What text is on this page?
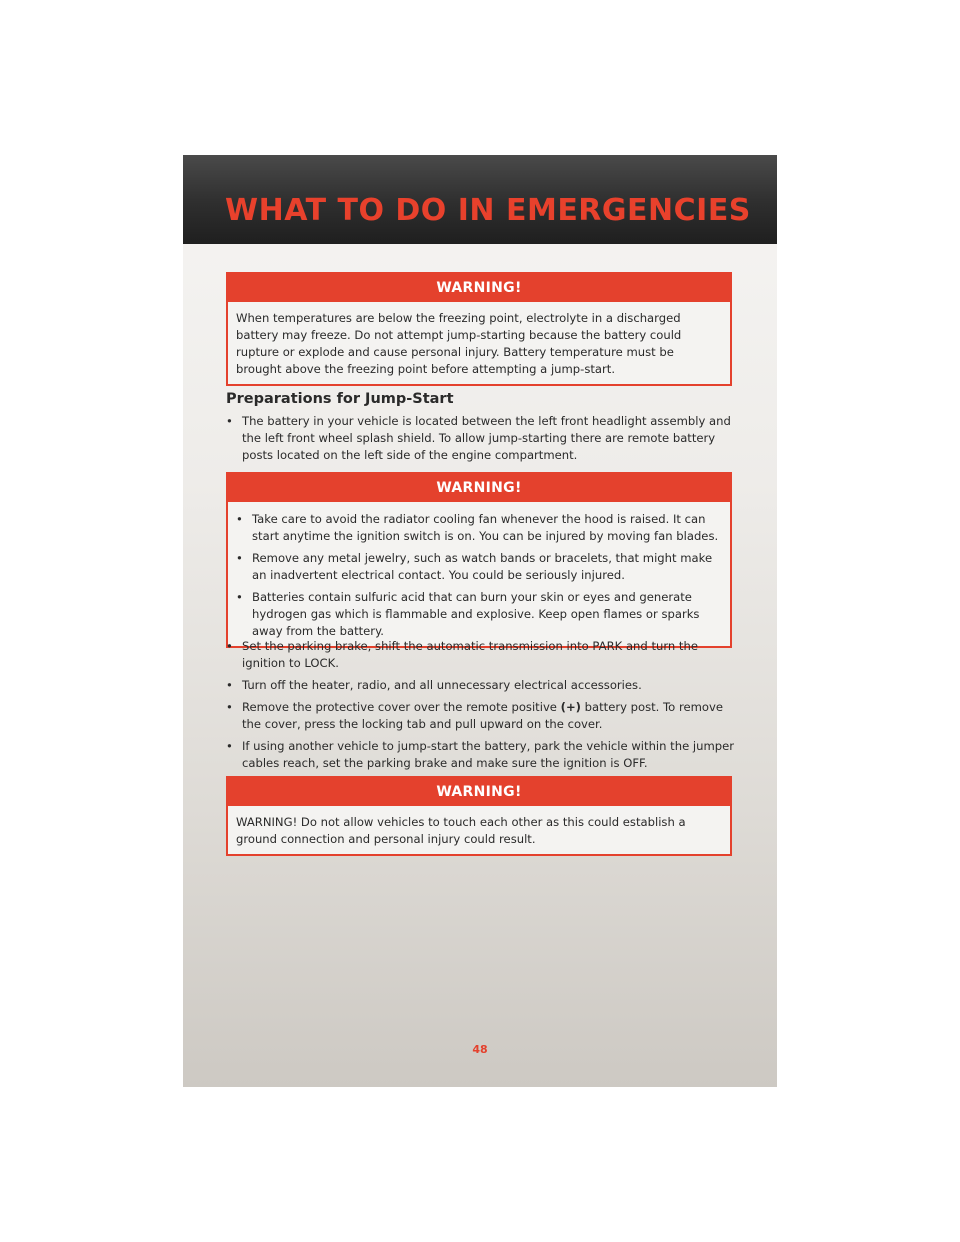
WHAT TO DO IN EMERGENCIES
WARNING!

When temperatures are below the freezing point, electrolyte in a discharged battery may freeze. Do not attempt jump-starting because the battery could rupture or explode and cause personal injury. Battery temperature must be brought above the freezing point before attempting a jump-start.

Preparations for Jump-Start
• The battery in your vehicle is located between the left front headlight assembly and the left front wheel splash shield. To allow jump-starting there are remote battery posts located on the left side of the engine compartment.
WARNING!
• Take care to avoid the radiator cooling fan whenever the hood is raised. It can start anytime the ignition switch is on. You can be injured by moving fan blades.
• Remove any metal jewelry, such as watch bands or bracelets, that might make an inadvertent electrical contact. You could be seriously injured.
• Batteries contain sulfuric acid that can burn your skin or eyes and generate hydrogen gas which is flammable and explosive. Keep open flames or sparks away from the battery.
• Set the parking brake, shift the automatic transmission into PARK and turn the ignition to LOCK.
• Turn off the heater, radio, and all unnecessary electrical accessories.
• Remove the protective cover over the remote positive (+) battery post. To remove the cover, press the locking tab and pull upward on the cover.
• If using another vehicle to jump-start the battery, park the vehicle within the jumper cables reach, set the parking brake and make sure the ignition is OFF.
WARNING!

WARNING! Do not allow vehicles to touch each other as this could establish a ground connection and personal injury could result.

48
